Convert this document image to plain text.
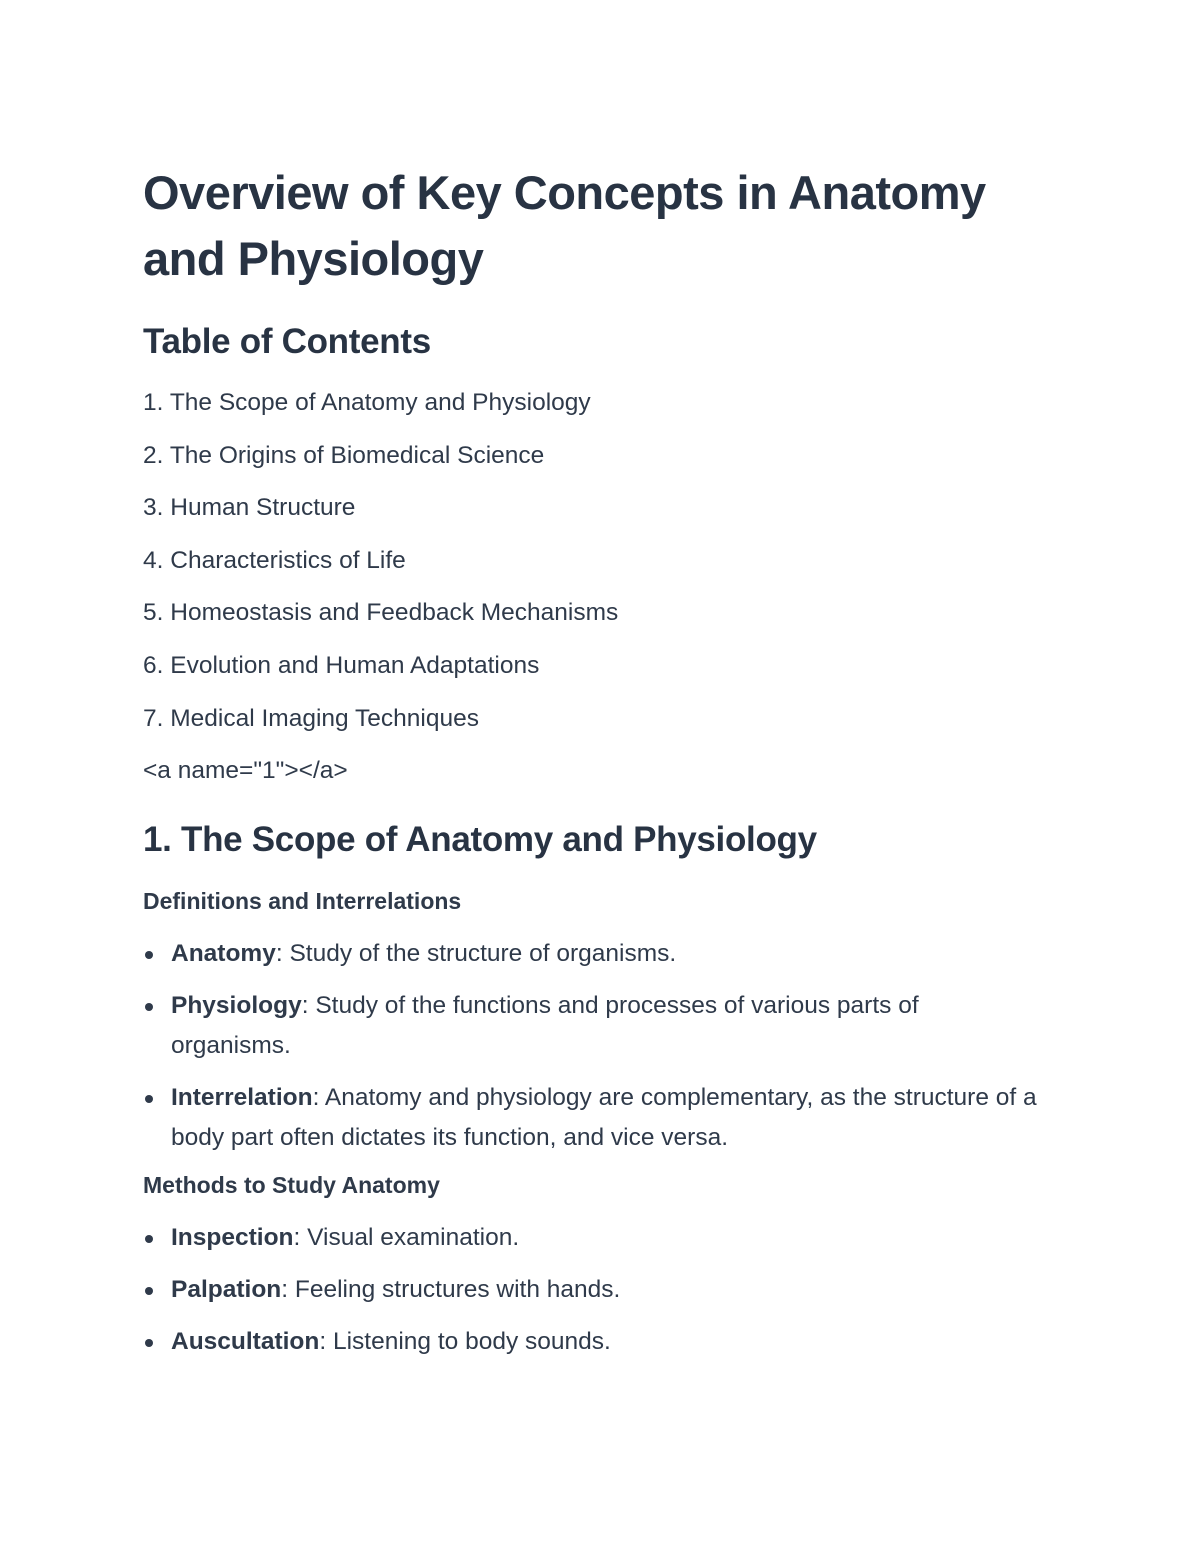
Overview of Key Concepts in Anatomy and Physiology
Table of Contents
1. The Scope of Anatomy and Physiology
2. The Origins of Biomedical Science
3. Human Structure
4. Characteristics of Life
5. Homeostasis and Feedback Mechanisms
6. Evolution and Human Adaptations
7. Medical Imaging Techniques

<a name="1"></a>

1. The Scope of Anatomy and Physiology
Definitions and Interrelations
Anatomy: Study of the structure of organisms.
Physiology: Study of the functions and processes of various parts of organisms.
Interrelation: Anatomy and physiology are complementary, as the structure of a body part often dictates its function, and vice versa.
Methods to Study Anatomy
Inspection: Visual examination.
Palpation: Feeling structures with hands.
Auscultation: Listening to body sounds.
